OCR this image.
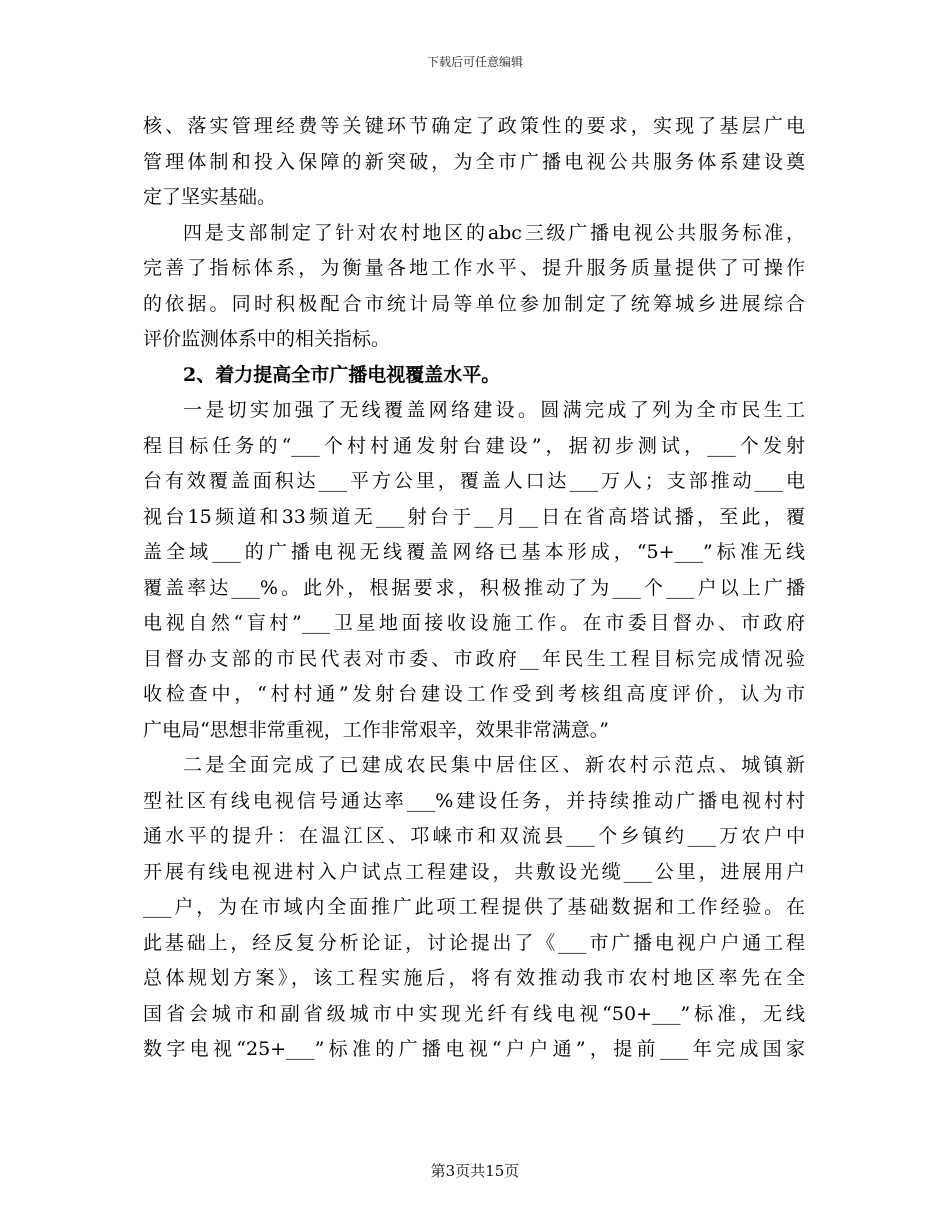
下载后可任意编辑
核、落实管理经费等关键环节确定了政策性的要求，实现了基层广电
管理体制和投入保障的新突破，为全市广播电视公共服务体系建设奠
定了坚实基础。
四是支部制定了针对农村地区的abc三级广播电视公共服务标准，
完善了指标体系，为衡量各地工作水平、提升服务质量提供了可操作
的依据。同时积极配合市统计局等单位参加制定了统筹城乡进展综合
评价监测体系中的相关指标。
2、着力提高全市广播电视覆盖水平。
一是切实加强了无线覆盖网络建设。圆满完成了列为全市民生工
程目标任务的“___个村村通发射台建设”，据初步测试，___个发射
台有效覆盖面积达___平方公里，覆盖人口达___万人；支部推动___电
视台15频道和33频道无___射台于__月__日在省高塔试播，至此，覆
盖全域___的广播电视无线覆盖网络已基本形成，“5+___”标准无线
覆盖率达___%。此外，根据要求，积极推动了为___个___户以上广播
电视自然“盲村”___卫星地面接收设施工作。在市委目督办、市政府
目督办支部的市民代表对市委、市政府__年民生工程目标完成情况验
收检查中，“村村通”发射台建设工作受到考核组高度评价，认为市
广电局“思想非常重视，工作非常艰辛，效果非常满意。”
二是全面完成了已建成农民集中居住区、新农村示范点、城镇新
型社区有线电视信号通达率___%建设任务，并持续推动广播电视村村
通水平的提升：在温江区、邛崃市和双流县___个乡镇约___万农户中
开展有线电视进村入户试点工程建设，共敷设光缆___公里，进展用户
___户，为在市域内全面推广此项工程提供了基础数据和工作经验。在
此基础上，经反复分析论证，讨论提出了《___市广播电视户户通工程
总体规划方案》，该工程实施后，将有效推动我市农村地区率先在全
国省会城市和副省级城市中实现光纤有线电视“50+___”标准，无线
数字电视“25+___”标准的广播电视“户户通”，提前___年完成国家
第3页共15页
